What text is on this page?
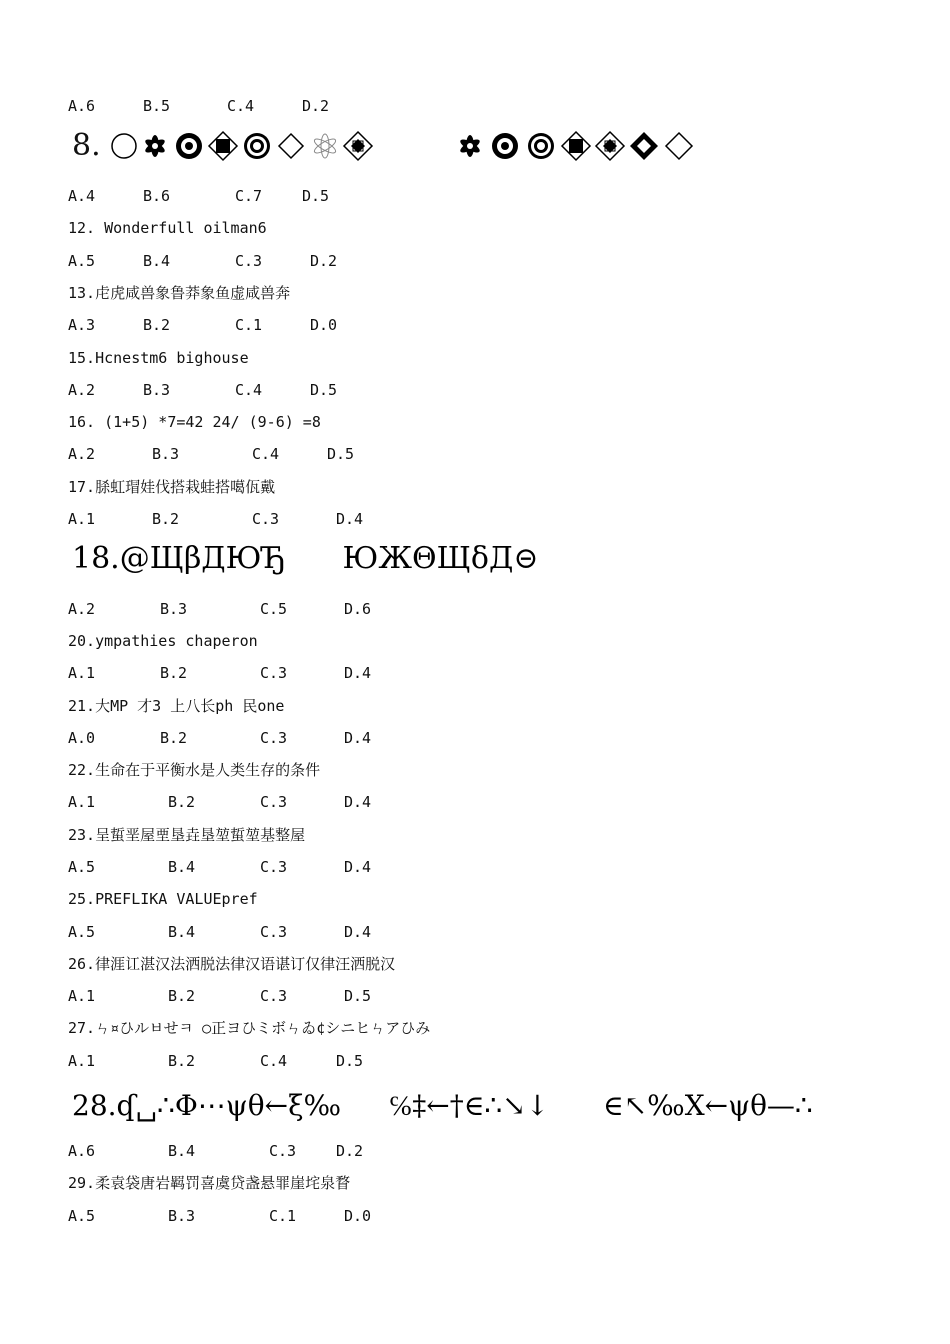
A.6	B.5	C.4	D.2
8.
A.4	B.6	C.7	D.5
12. Wonderfull oilman6
A.5	B.4	C.3	D.2
13.虍虎咸兽象鲁莽象鱼虚咸兽奔
A.3	B.2	C.1	D.0
15.Hcnestm6 bighouse
A.2	B.3	C.4	D.5
16. (1+5) *7=42 24/ (9-6) =8
A.2	B.3	C.4	D.5
17.脎虹瑁娃伐搭栽蛙搭噶佤戴
A.1	B.2	C.3	D.4
18.@ЩβДЮЂ ЮЖΘЩδД⊝
A.2	B.3	C.5	D.6
20.ympathies chaperon
A.1	B.2	C.3	D.4
21.大MP 才3 上八长ph 民one
A.0	B.2	C.3	D.4
22.生命在于平衡水是人类生存的条件
A.1	B.2	C.3	D.4
23.呈蜇垩屋垔垦垚垦堃蜇堃基整屋
A.5	B.4	C.3	D.4
25.PREFLIKA VALUEpref
A.5	B.4	C.3	D.4
26.律涯讧湛汉法洒脱法律汉语谌订仅律汪洒脱汉
A.1	B.2	C.3	D.5
27.ㄣ¤ひルㅂせㅋ ○正ヨひミボㄣゐ¢シニヒㄣアひみ
A.1	B.2	C.4	D.5
28.ʠ␣∴Φ⋯ψθ←ξ‰ ℅‡←†∈∴↘↓ ∈↖‰X←ψθ—∴
A.6	B.4	C.3	D.2
29.柔袁袋唐岩羁罚喜虞贷盏悬罪崖垞泉瞀
A.5	B.3	C.1	D.0
